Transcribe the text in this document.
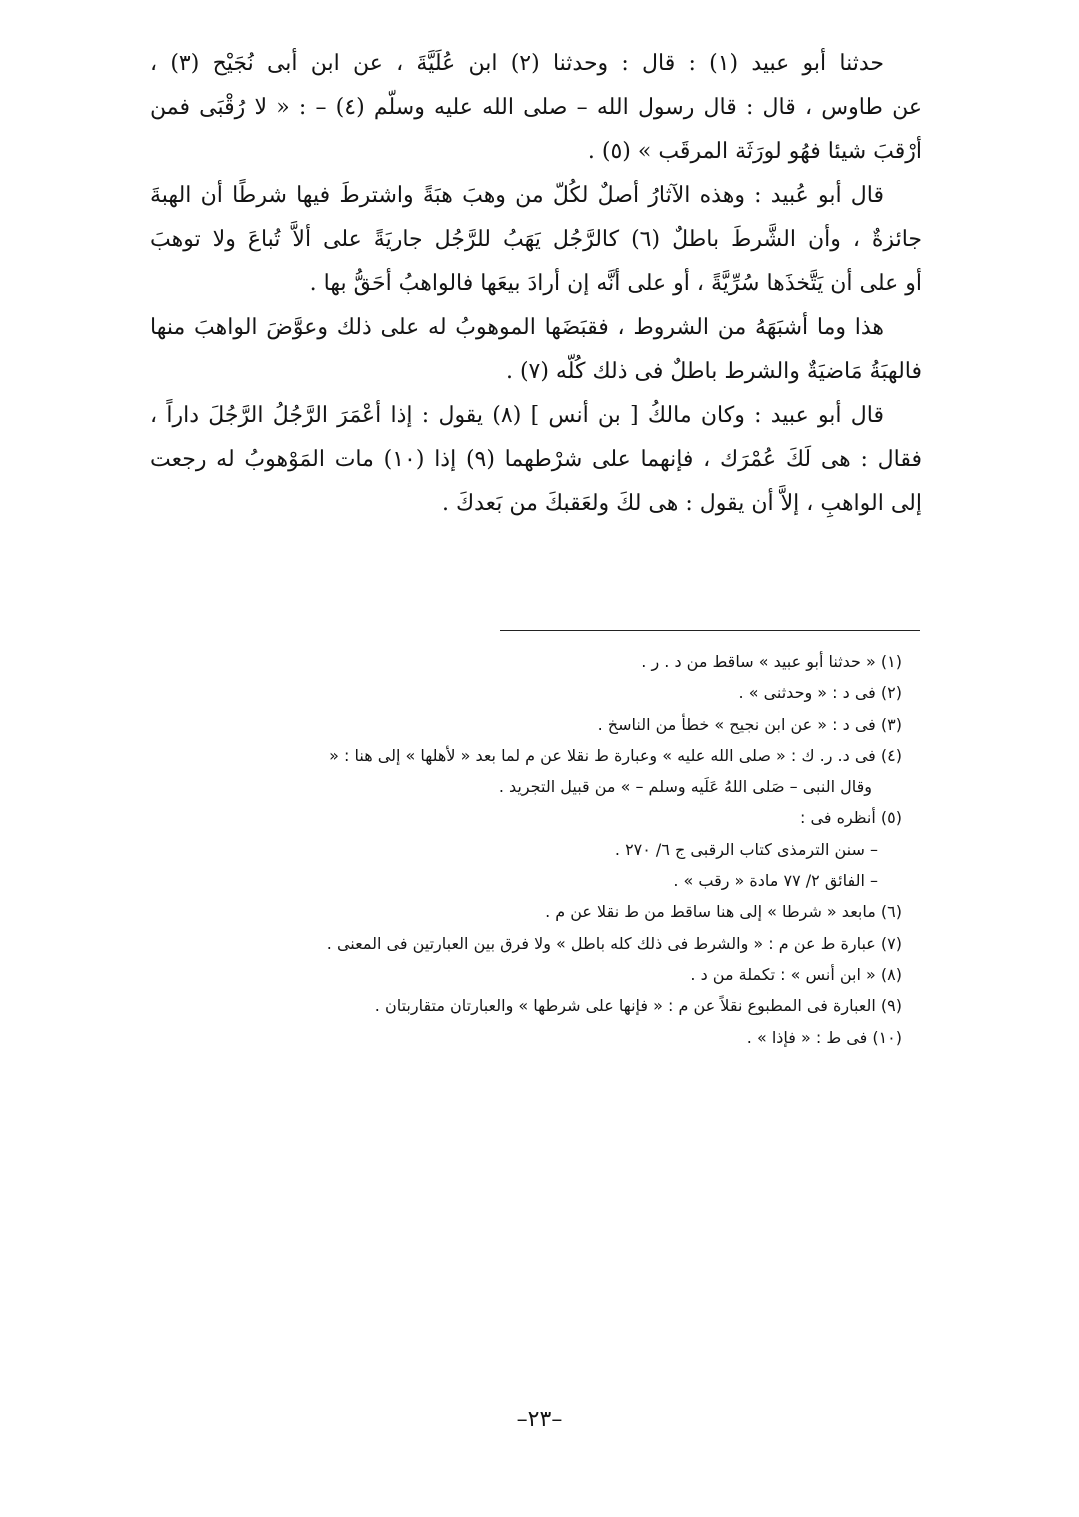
حدثنا أبو عبيد (١) : قال : وحدثنا (٢) ابن عُلَيَّةَ ، عن ابن أبى نُجَيْح (٣) ،
عن طاوس ، قال : قال رسول الله – صلى الله عليه وسلّم (٤) – : « لا رُقْبَى فمن
أرْقبَ شيئا فهُو لورَثَة المرقَب » (٥) .
قال أبو عُبيد : وهذه الآثارُ أصلٌ لكُلّ من وهبَ هبَةً واشترطَ فيها شرطًا أن الهبةَ
جائزةٌ ، وأن الشَّرطَ باطلٌ (٦) كالرَّجُل يَهَبُ للرَّجُل جاريَةً على ألاَّ تُباعَ ولا توهبَ
أو على أن يَتَّخذَها سُرِّيَّةً ، أو على أنَّه إن أرادَ بيعَها فالواهبُ أحَقُّ بها .
هذا وما أشبَهَهُ من الشروط ، فقبَضَها الموهوبُ له على ذلك وعوَّضَ الواهبَ منها
فالهبَةُ مَاضيَةٌ والشرط باطلٌ فى ذلك كُلّه (٧) .
قال أبو عبيد : وكان مالكُ [ بن أنس ] (٨) يقول : إذا أعْمَرَ الرَّجُلُ الرَّجُلَ داراً ،
فقال : هى لَكَ عُمْرَك ، فإنهما على شرْطهما (٩) إذا (١٠) مات المَوْهوبُ له رجعت
إلى الواهبِ ، إلاَّ أن يقول : هى لكَ ولعَقبكَ من بَعدكَ .
(١) « حدثنا أبو عبيد » ساقط من د . ر .
(٢) فى د : « وحدثنى » .
(٣) فى د : « عن ابن نجيح » خطأ من الناسخ .
(٤) فى د. ر. ك : « صلى الله عليه » وعبارة ط نقلا عن م لما بعد « لأهلها » إلى هنا : «
وقال النبى – صَلى اللهُ عَلَيه وسلم – » من قبيل التجريد .
(٥) أنظره فى :
– سنن الترمذى كتاب الرقبى ج ٦/ ٢٧٠ .
– الفائق ٢/ ٧٧ مادة « رقب » .
(٦) مابعد « شرطا » إلى هنا ساقط من ط نقلا عن م .
(٧) عبارة ط عن م : « والشرط فى ذلك كله باطل » ولا فرق بين العبارتين فى المعنى .
(٨) « ابن أنس » : تكملة من د .
(٩) العبارة فى المطبوع نقلاً عن م : « فإنها على شرطها » والعبارتان متقاربتان .
(١٠) فى ط : « فإذا » .
–٢٣–
